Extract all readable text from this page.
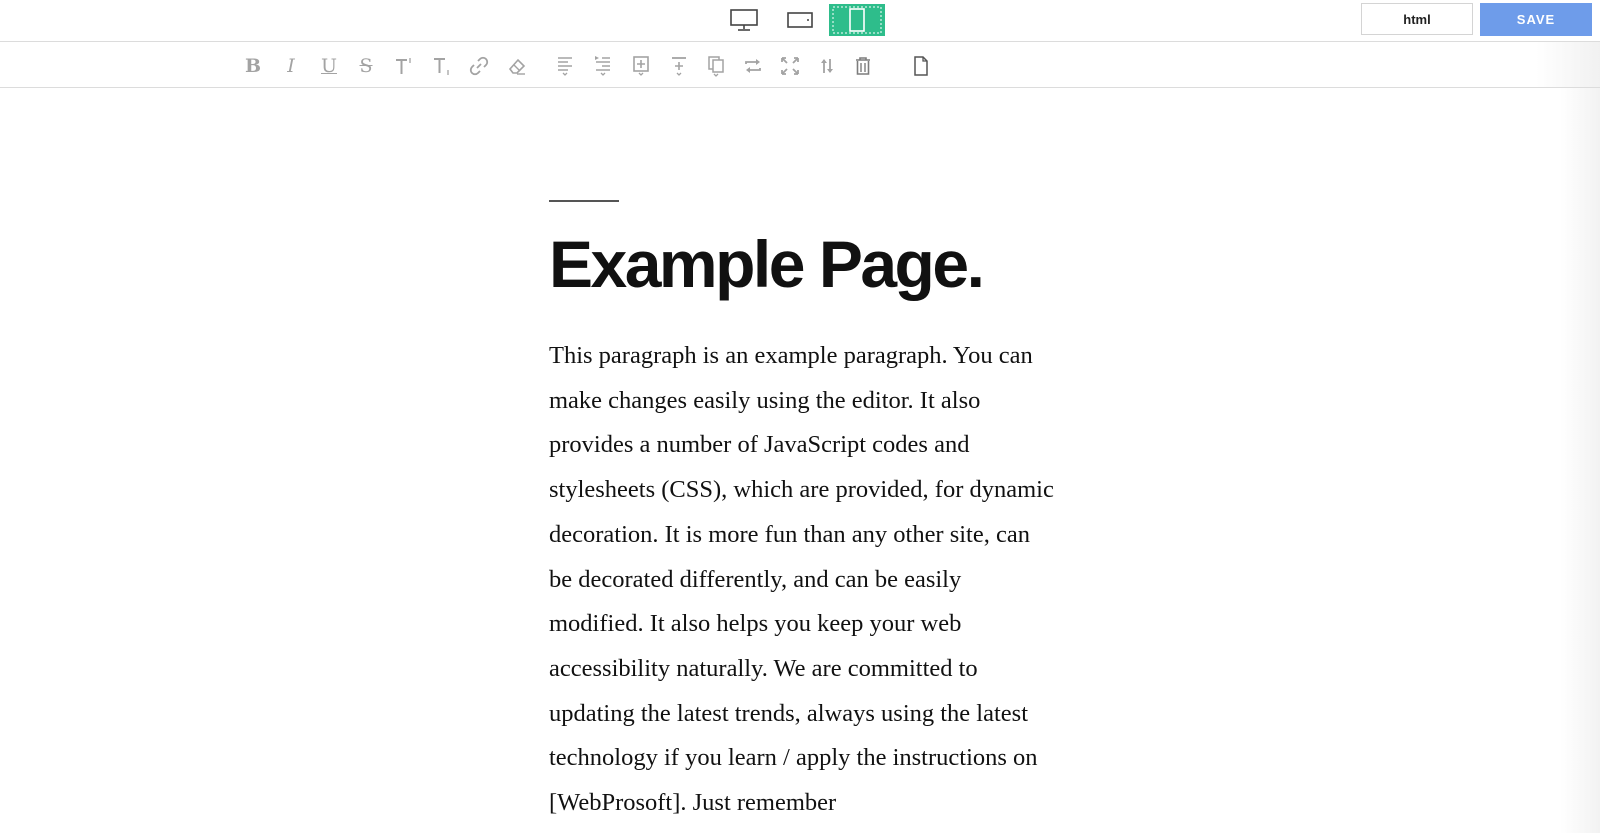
html	SAVE
B I U S
Example Page.

This paragraph is an example paragraph. You can make changes easily using the editor. It also provides a number of JavaScript codes and stylesheets (CSS), which are provided, for dynamic decoration. It is more fun than any other site, can be decorated differently, and can be easily modified. It also helps you keep your web accessibility naturally. We are committed to updating the latest trends, always using the latest technology if you learn / apply the instructions on [WebProsoft]. Just remember
